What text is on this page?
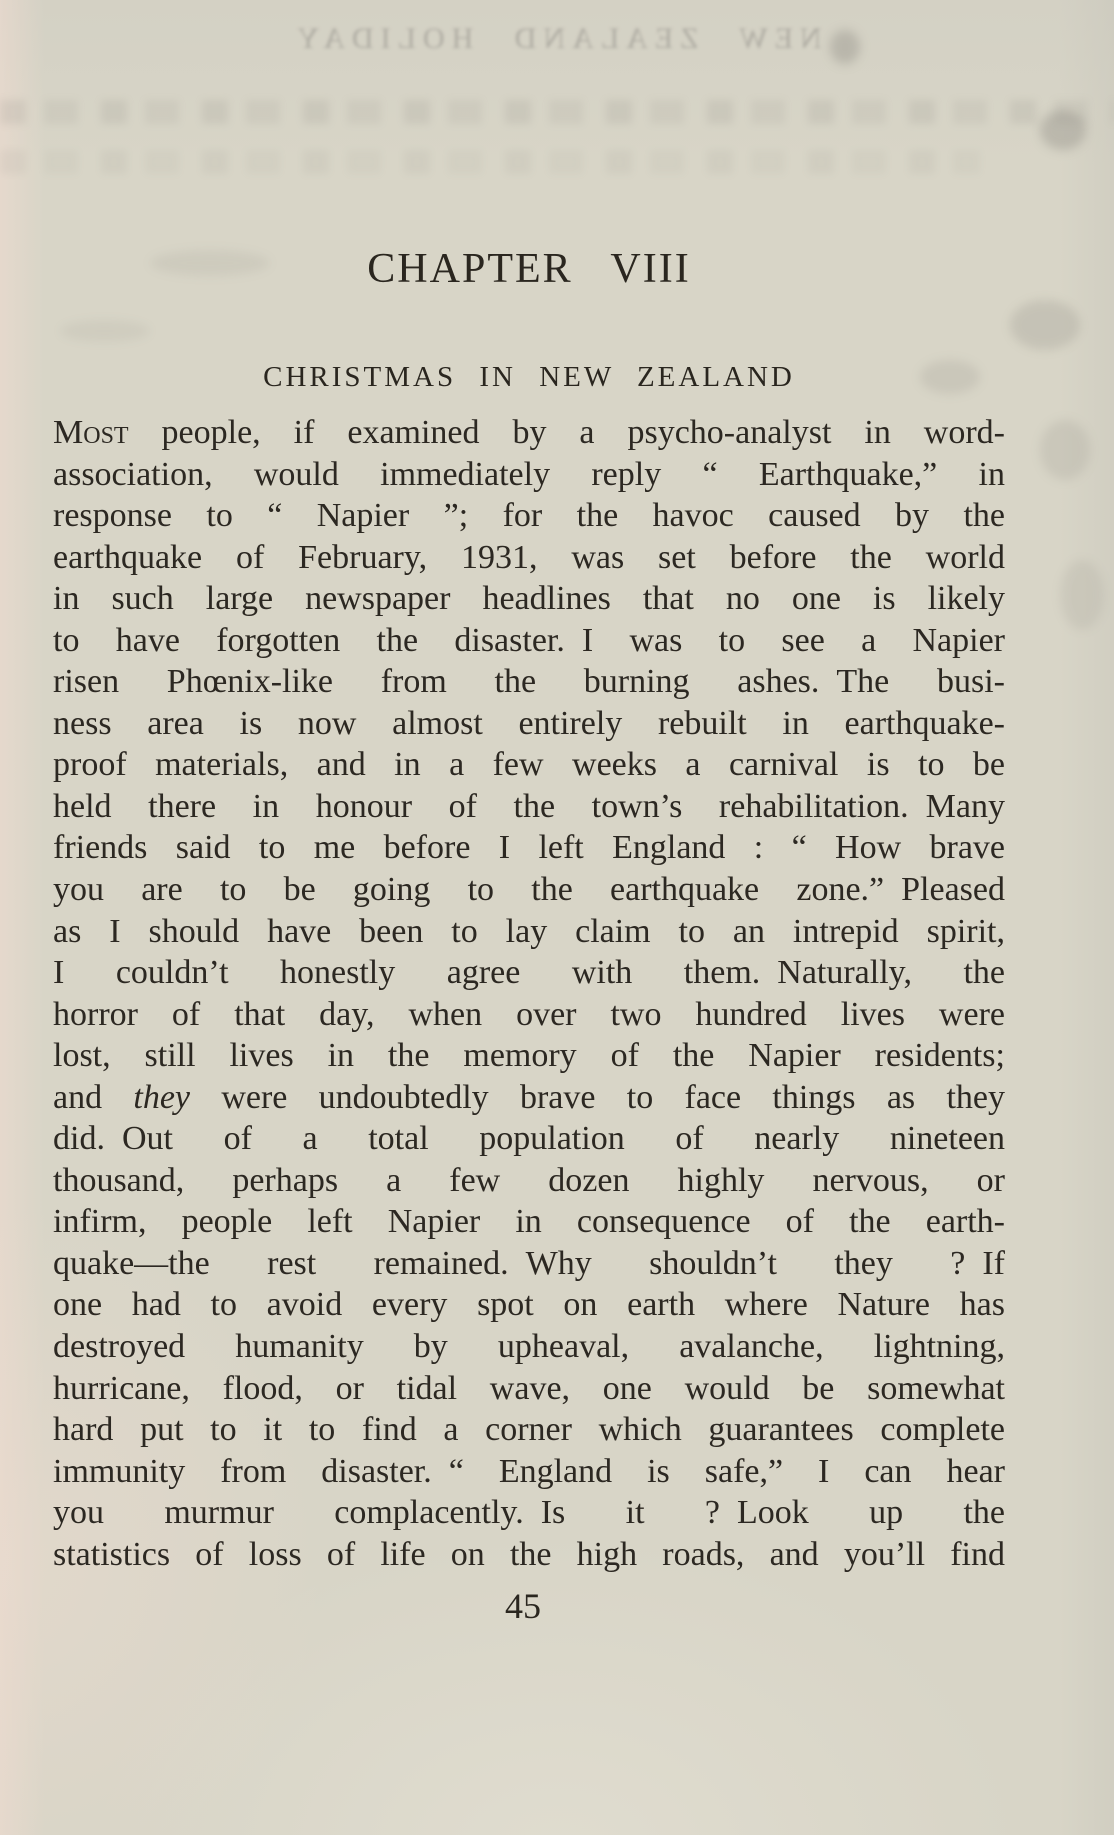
NEW ZEALAND HOLIDAY
CHAPTER VIII
CHRISTMAS IN NEW ZEALAND
Most people, if examined by a psycho-analyst in word-
association, would immediately reply “ Earthquake,” in
response to “ Napier ”; for the havoc caused by the
earthquake of February, 1931, was set before the world
in such large newspaper headlines that no one is likely
to have forgotten the disaster. I was to see a Napier
risen Phœnix-like from the burning ashes. The busi-
ness area is now almost entirely rebuilt in earthquake-
proof materials, and in a few weeks a carnival is to be
held there in honour of the town’s rehabilitation. Many
friends said to me before I left England : “ How brave
you are to be going to the earthquake zone.” Pleased
as I should have been to lay claim to an intrepid spirit,
I couldn’t honestly agree with them. Naturally, the
horror of that day, when over two hundred lives were
lost, still lives in the memory of the Napier residents;
and they were undoubtedly brave to face things as they
did. Out of a total population of nearly nineteen
thousand, perhaps a few dozen highly nervous, or
infirm, people left Napier in consequence of the earth-
quake—the rest remained. Why shouldn’t they ? If
one had to avoid every spot on earth where Nature has
destroyed humanity by upheaval, avalanche, lightning,
hurricane, flood, or tidal wave, one would be somewhat
hard put to it to find a corner which guarantees complete
immunity from disaster. “ England is safe,” I can hear
you murmur complacently. Is it ? Look up the
statistics of loss of life on the high roads, and you’ll find
45
